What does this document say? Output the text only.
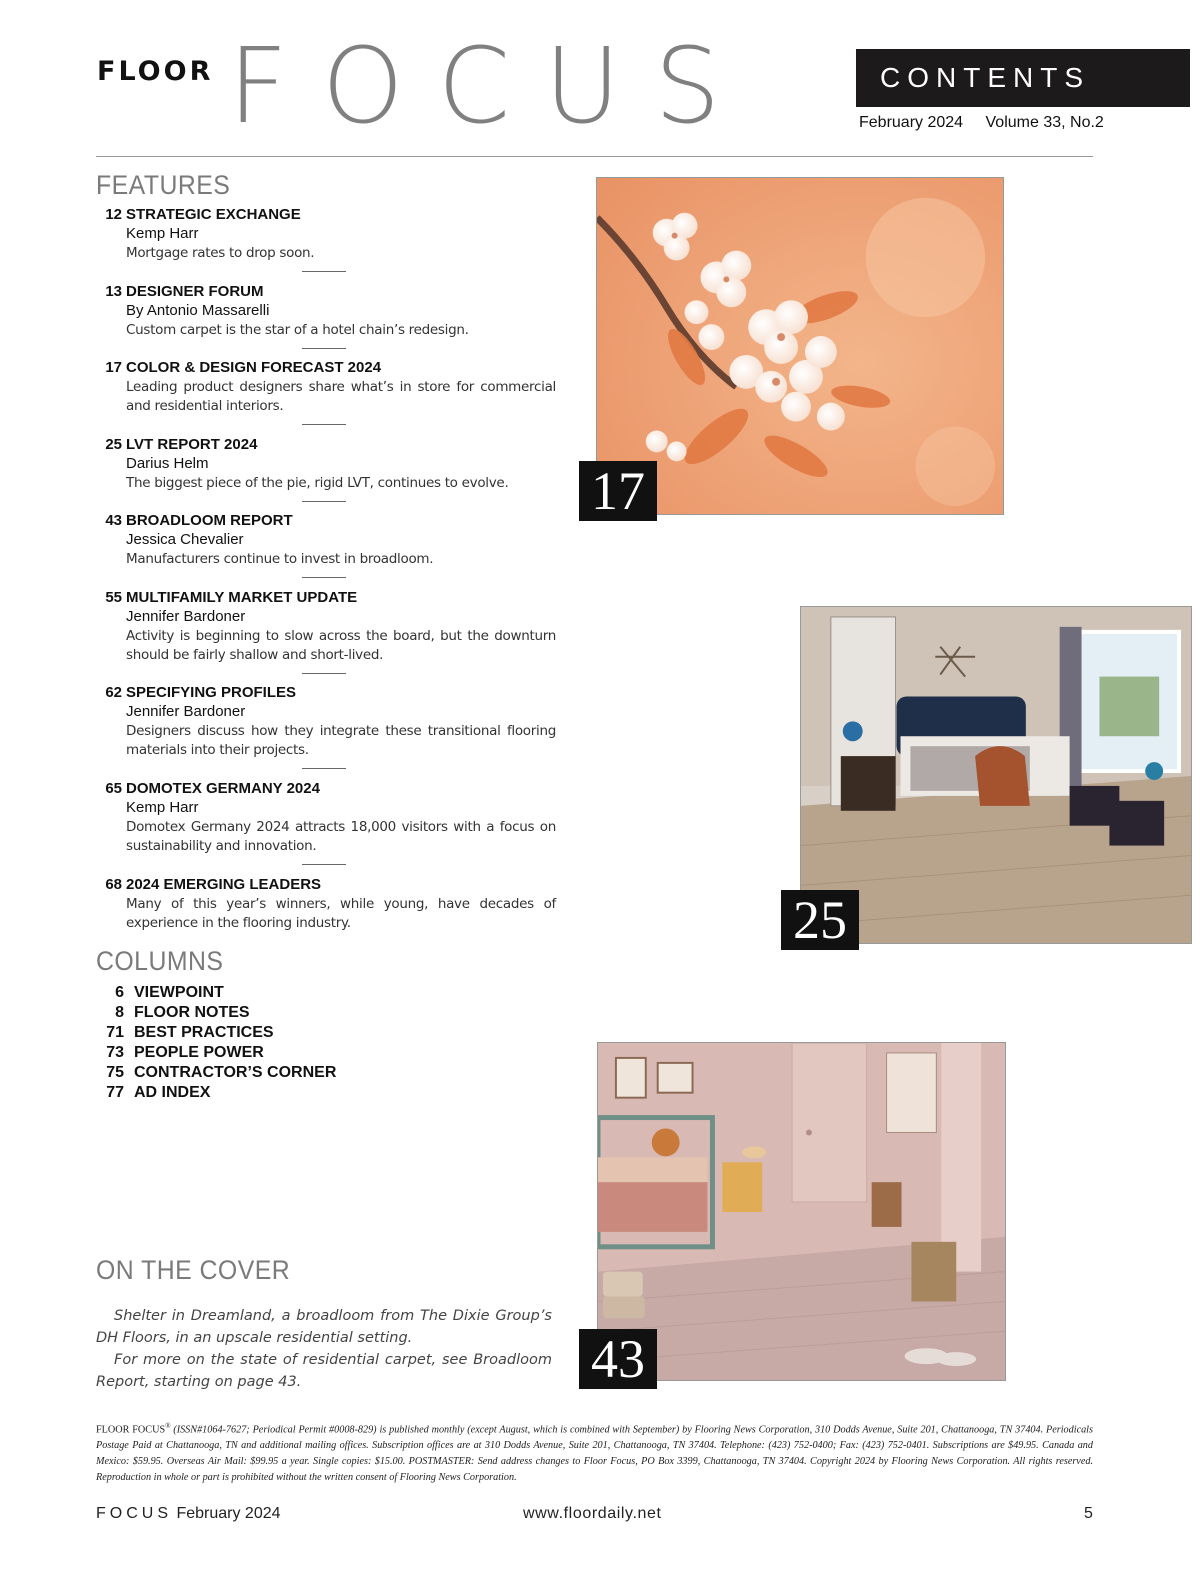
FLOOR FOCUS	CONTENTS
February 2024 Volume 33, No.2
FEATURES
12 STRATEGIC EXCHANGE
Kemp Harr
Mortgage rates to drop soon.
13 DESIGNER FORUM
By Antonio Massarelli
Custom carpet is the star of a hotel chain’s redesign.
17 COLOR & DESIGN FORECAST 2024
Leading product designers share what’s in store for commercial and residential interiors.
25 LVT REPORT 2024
Darius Helm
The biggest piece of the pie, rigid LVT, continues to evolve.
43 BROADLOOM REPORT
Jessica Chevalier
Manufacturers continue to invest in broadloom.
55 MULTIFAMILY MARKET UPDATE
Jennifer Bardoner
Activity is beginning to slow across the board, but the downturn should be fairly shallow and short-lived.
62 SPECIFYING PROFILES
Jennifer Bardoner
Designers discuss how they integrate these transitional flooring materials into their projects.
65 DOMOTEX GERMANY 2024
Kemp Harr
Domotex Germany 2024 attracts 18,000 visitors with a focus on sustainability and innovation.
68 2024 EMERGING LEADERS
Many of this year’s winners, while young, have decades of experience in the flooring industry.
COLUMNS
6 VIEWPOINT
8 FLOOR NOTES
71 BEST PRACTICES
73 PEOPLE POWER
75 CONTRACTOR’S CORNER
77 AD INDEX
ON THE COVER

Shelter in Dreamland, a broadloom from The Dixie Group’s DH Floors, in an upscale residential setting.

For more on the state of residential carpet, see Broadloom Report, starting on page 43.

17
25
43
FLOOR FOCUS® (ISSN#1064-7627; Periodical Permit #0008-829) is published monthly (except August, which is combined with September) by Flooring News Corporation, 310 Dodds Avenue, Suite 201, Chattanooga, TN 37404. Periodicals Postage Paid at Chattanooga, TN and additional mailing offices. Subscription offices are at 310 Dodds Avenue, Suite 201, Chattanooga, TN 37404. Telephone: (423) 752-0400; Fax: (423) 752-0401. Subscriptions are $49.95. Canada and Mexico: $59.95. Overseas Air Mail: $99.95 a year. Single copies: $15.00. POSTMASTER: Send address changes to Floor Focus, PO Box 3399, Chattanooga, TN 37404. Copyright 2024 by Flooring News Corporation. All rights reserved. Reproduction in whole or part is prohibited without the written consent of Flooring News Corporation.
FOCUS February 2024	www.floordaily.net	5
